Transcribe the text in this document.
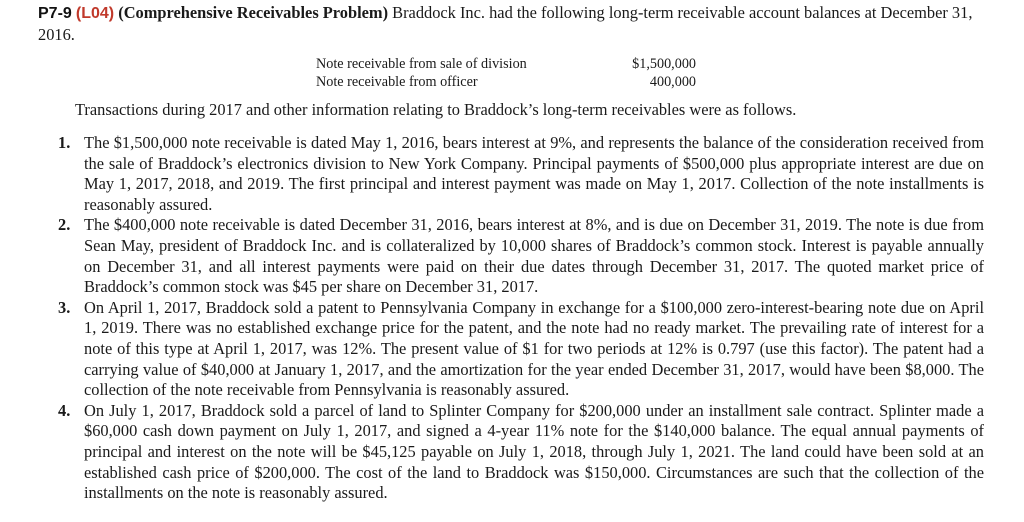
P7-9 (L04) (Comprehensive Receivables Problem) Braddock Inc. had the following long-term receivable account balances at December 31, 2016.
Note receivable from sale of division	$1,500,000
Note receivable from officer	400,000
Transactions during 2017 and other information relating to Braddock’s long-term receivables were as follows.
1. The $1,500,000 note receivable is dated May 1, 2016, bears interest at 9%, and represents the balance of the consideration received from the sale of Braddock’s electronics division to New York Company. Principal payments of $500,000 plus appropriate interest are due on May 1, 2017, 2018, and 2019. The first principal and interest payment was made on May 1, 2017. Collection of the note installments is reasonably assured.
2. The $400,000 note receivable is dated December 31, 2016, bears interest at 8%, and is due on December 31, 2019. The note is due from Sean May, president of Braddock Inc. and is collateralized by 10,000 shares of Braddock’s common stock. Interest is payable annually on December 31, and all interest payments were paid on their due dates through December 31, 2017. The quoted market price of Braddock’s common stock was $45 per share on December 31, 2017.
3. On April 1, 2017, Braddock sold a patent to Pennsylvania Company in exchange for a $100,000 zero-interest-bearing note due on April 1, 2019. There was no established exchange price for the patent, and the note had no ready market. The prevailing rate of interest for a note of this type at April 1, 2017, was 12%. The present value of $1 for two periods at 12% is 0.797 (use this factor). The patent had a carrying value of $40,000 at January 1, 2017, and the amortization for the year ended December 31, 2017, would have been $8,000. The collection of the note receivable from Pennsylvania is reasonably assured.
4. On July 1, 2017, Braddock sold a parcel of land to Splinter Company for $200,000 under an installment sale contract. Splinter made a $60,000 cash down payment on July 1, 2017, and signed a 4-year 11% note for the $140,000 balance. The equal annual payments of principal and interest on the note will be $45,125 payable on July 1, 2018, through July 1, 2021. The land could have been sold at an established cash price of $200,000. The cost of the land to Braddock was $150,000. Circumstances are such that the collection of the installments on the note is reasonably assured.
